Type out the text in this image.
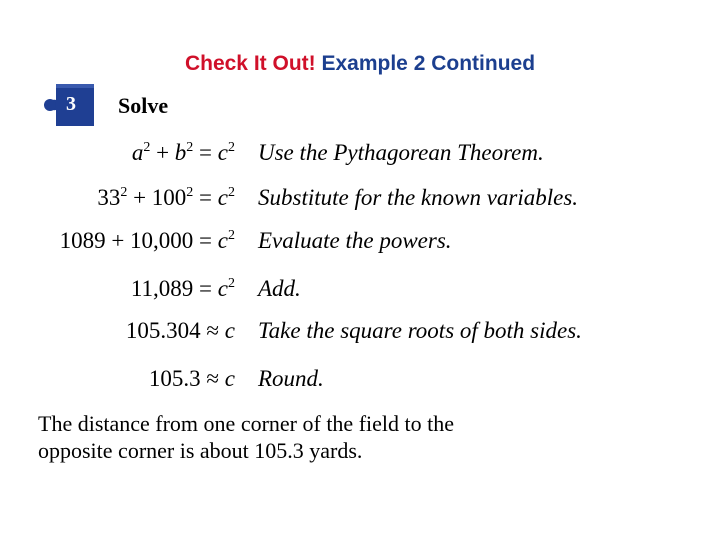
Check It Out! Example 2 Continued
3	Solve
$a^2 + b^2 = c^2$ Use the Pythagorean Theorem.
$33^2 + 100^2 = c^2$ Substitute for the known variables.
$1089 + 10,000 = c^2$ Evaluate the powers.
$11,089 = c^2$ Add.
105.304 ≈ c Take the square roots of both sides.
105.3 ≈ c Round.
The distance from one corner of the field to the
opposite corner is about 105.3 yards.
